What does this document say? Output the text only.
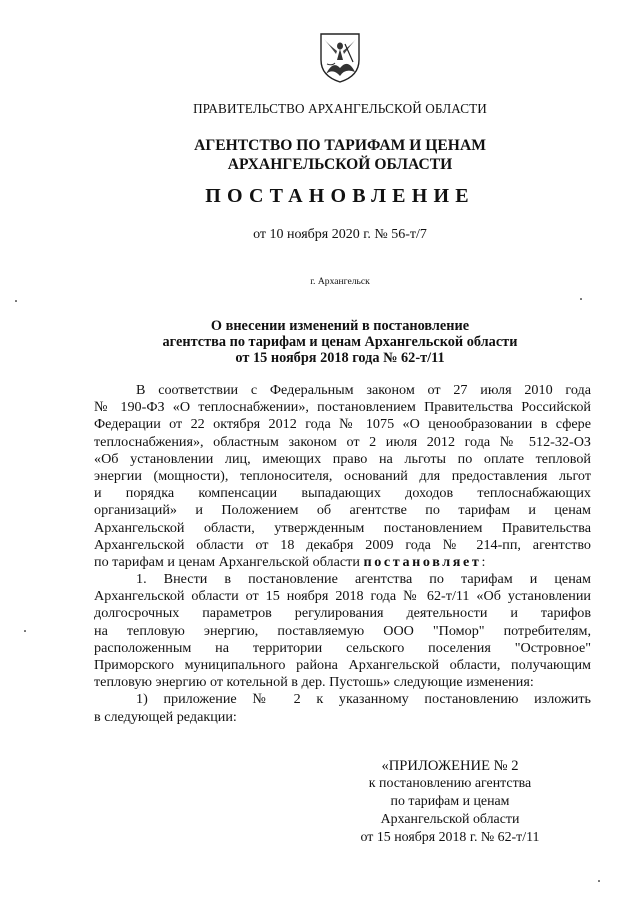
ПРАВИТЕЛЬСТВО АРХАНГЕЛЬСКОЙ ОБЛАСТИ
АГЕНТСТВО ПО ТАРИФАМ И ЦЕНАМ
АРХАНГЕЛЬСКОЙ ОБЛАСТИ
ПОСТАНОВЛЕНИЕ
от 10 ноября 2020 г. № 56-т/7
г. Архангельск
О внесении изменений в постановление
агентства по тарифам и ценам Архангельской области
от 15 ноября 2018 года № 62-т/11
В соответствии с Федеральным законом от 27 июля 2010 года
№ 190-ФЗ «О теплоснабжении», постановлением Правительства Российской
Федерации от 22 октября 2012 года № 1075 «О ценообразовании в сфере
теплоснабжения», областным законом от 2 июля 2012 года № 512-32-ОЗ
«Об установлении лиц, имеющих право на льготы по оплате тепловой
энергии (мощности), теплоносителя, оснований для предоставления льгот
и порядка компенсации выпадающих доходов теплоснабжающих
организаций» и Положением об агентстве по тарифам и ценам
Архангельской области, утвержденным постановлением Правительства
Архангельской области от 18 декабря 2009 года № 214-пп, агентство
по тарифам и ценам Архангельской области постановляет:
1. Внести в постановление агентства по тарифам и ценам
Архангельской области от 15 ноября 2018 года № 62-т/11 «Об установлении
долгосрочных параметров регулирования деятельности и тарифов
на тепловую энергию, поставляемую ООО "Помор" потребителям,
расположенным на территории сельского поселения "Островное"
Приморского муниципального района Архангельской области, получающим
тепловую энергию от котельной в дер. Пустошь» следующие изменения:
1) приложение № 2 к указанному постановлению изложить
в следующей редакции:
«ПРИЛОЖЕНИЕ № 2
к постановлению агентства
по тарифам и ценам
Архангельской области
от 15 ноября 2018 г. № 62-т/11
